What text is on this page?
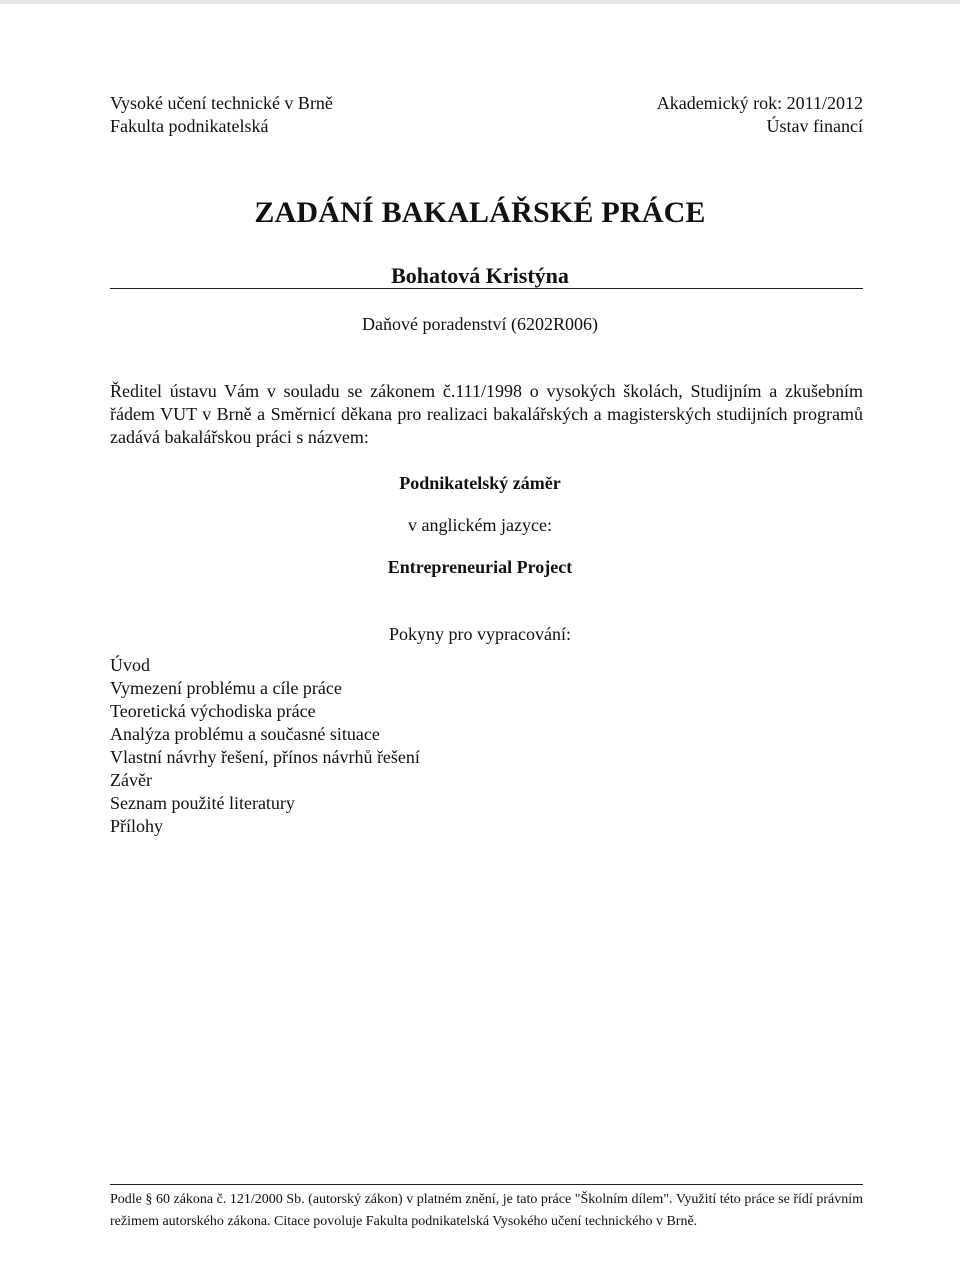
Vysoké učení technické v Brně
Fakulta podnikatelská
Akademický rok: 2011/2012
Ústav financí
ZADÁNÍ BAKALÁŘSKÉ PRÁCE
Bohatová Kristýna
Daňové poradenství (6202R006)
Ředitel ústavu Vám v souladu se zákonem č.111/1998 o vysokých školách, Studijním a zkušebním řádem VUT v Brně a Směrnicí děkana pro realizaci bakalářských a magisterských studijních programů zadává bakalářskou práci s názvem:
Podnikatelský záměr
v anglickém jazyce:
Entrepreneurial Project
Pokyny pro vypracování:
Úvod
Vymezení problému a cíle práce
Teoretická východiska práce
Analýza problému a současné situace
Vlastní návrhy řešení, přínos návrhů řešení
Závěr
Seznam použité literatury
Přílohy
Podle § 60 zákona č. 121/2000 Sb. (autorský zákon) v platném znění, je tato práce "Školním dílem". Využití této práce se řídí právním režimem autorského zákona. Citace povoluje Fakulta podnikatelská Vysokého učení technického v Brně.
